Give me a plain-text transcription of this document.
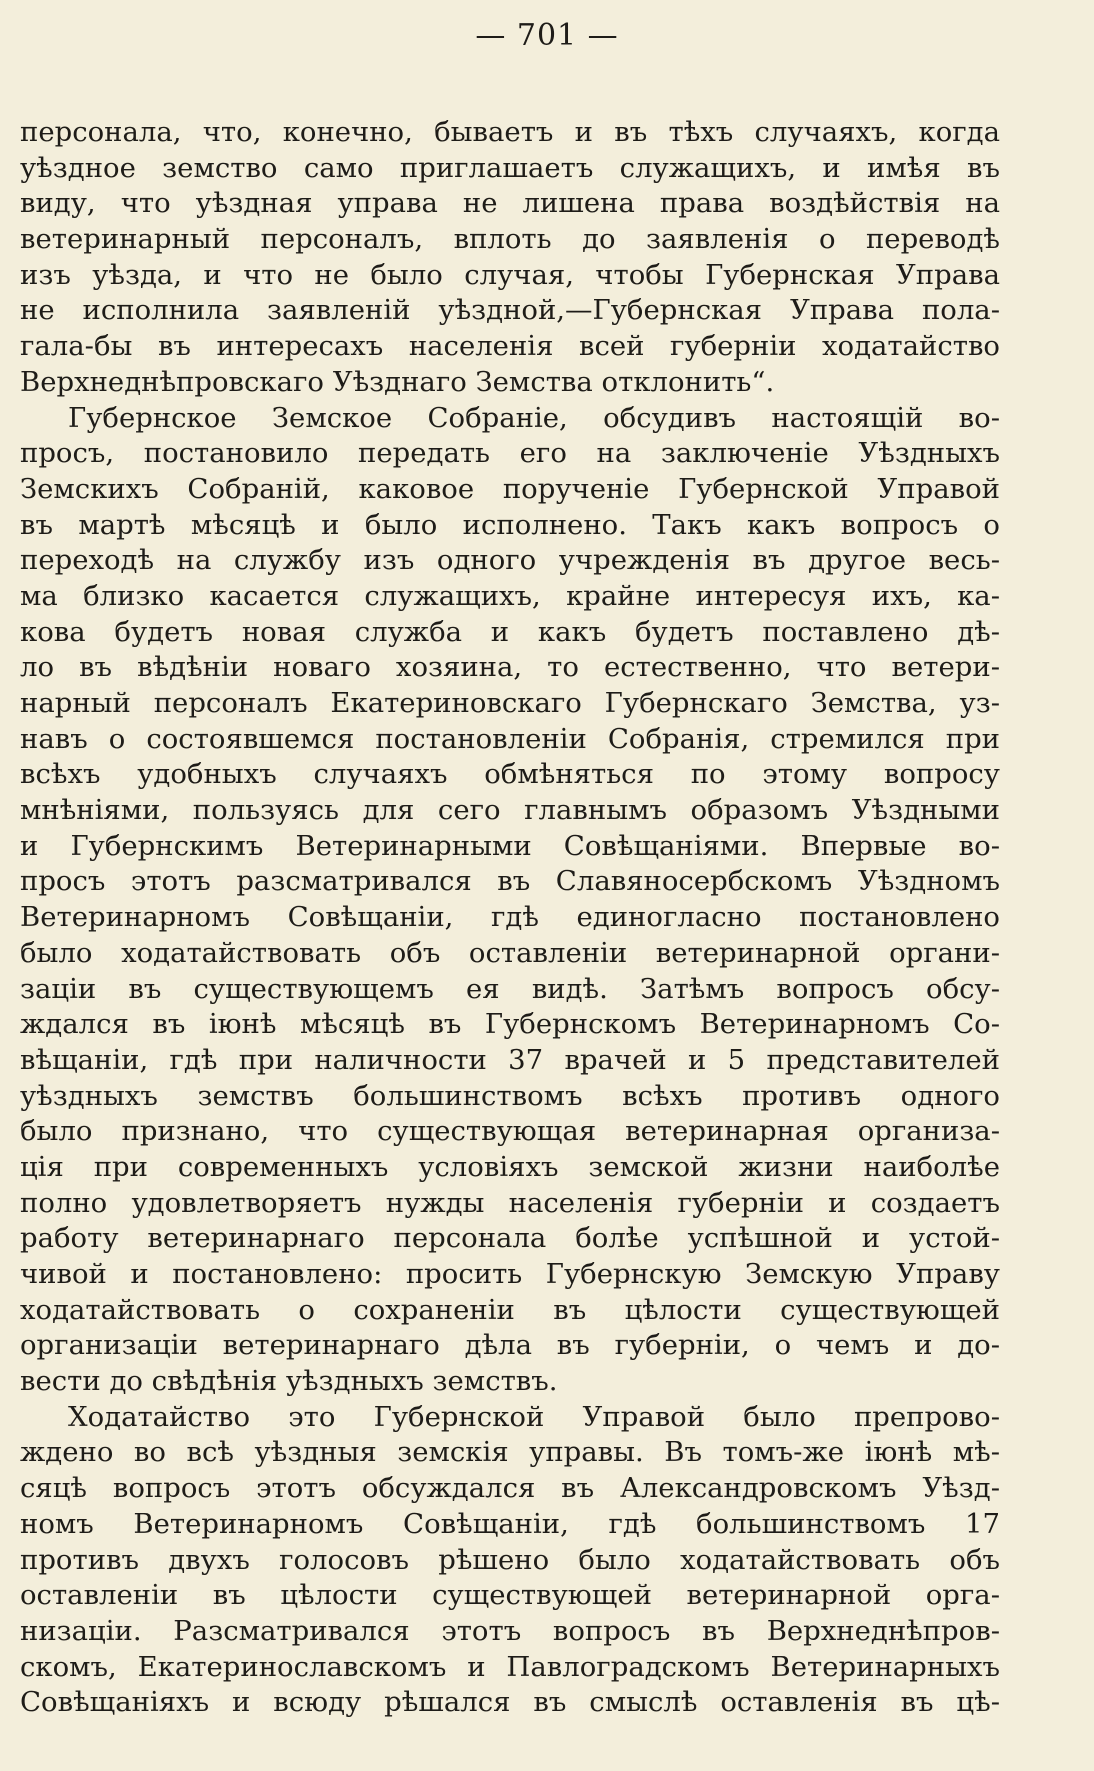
— 701 —
персонала, что, конечно, бываетъ и въ тѣхъ случаяхъ, когда
уѣздное земство само приглашаетъ служащихъ, и имѣя въ
виду, что уѣздная управа не лишена права воздѣйствія на
ветеринарный персоналъ, вплоть до заявленія о переводѣ
изъ уѣзда, и что не было случая, чтобы Губернская Управа
не исполнила заявленій уѣздной,—Губернская Управа пола-
гала-бы въ интересахъ населенія всей губерніи ходатайство
Верхнеднѣпровскаго Уѣзднаго Земства отклонить“.
Губернское Земское Собраніе, обсудивъ настоящій во-
просъ, постановило передать его на заключеніе Уѣздныхъ
Земскихъ Собраній, каковое порученіе Губернской Управой
въ мартѣ мѣсяцѣ и было исполнено. Такъ какъ вопросъ о
переходѣ на службу изъ одного учрежденія въ другое весь-
ма близко касается служащихъ, крайне интересуя ихъ, ка-
кова будетъ новая служба и какъ будетъ поставлено дѣ-
ло въ вѣдѣніи новаго хозяина, то естественно, что ветери-
нарный персоналъ Екатериновскаго Губернскаго Земства, уз-
навъ о состоявшемся постановленіи Собранія, стремился при
всѣхъ удобныхъ случаяхъ обмѣняться по этому вопросу
мнѣніями, пользуясь для сего главнымъ образомъ Уѣздными
и Губернскимъ Ветеринарными Совѣщаніями. Впервые во-
просъ этотъ разсматривался въ Славяносербскомъ Уѣздномъ
Ветеринарномъ Совѣщаніи, гдѣ единогласно постановлено
было ходатайствовать объ оставленіи ветеринарной органи-
заціи въ существующемъ ея видѣ. Затѣмъ вопросъ обсу-
ждался въ іюнѣ мѣсяцѣ въ Губернскомъ Ветеринарномъ Со-
вѣщаніи, гдѣ при наличности 37 врачей и 5 представителей
уѣздныхъ земствъ большинствомъ всѣхъ противъ одного
было признано, что существующая ветеринарная организа-
ція при современныхъ условіяхъ земской жизни наиболѣе
полно удовлетворяетъ нужды населенія губерніи и создаетъ
работу ветеринарнаго персонала болѣе успѣшной и устой-
чивой и постановлено: просить Губернскую Земскую Управу
ходатайствовать о сохраненіи въ цѣлости существующей
организаціи ветеринарнаго дѣла въ губерніи, о чемъ и до-
вести до свѣдѣнія уѣздныхъ земствъ.
Ходатайство это Губернской Управой было препрово-
ждено во всѣ уѣздныя земскія управы. Въ томъ-же іюнѣ мѣ-
сяцѣ вопросъ этотъ обсуждался въ Александровскомъ Уѣзд-
номъ Ветеринарномъ Совѣщаніи, гдѣ большинствомъ 17
противъ двухъ голосовъ рѣшено было ходатайствовать объ
оставленіи въ цѣлости существующей ветеринарной орга-
низаціи. Разсматривался этотъ вопросъ въ Верхнеднѣпров-
скомъ, Екатеринославскомъ и Павлоградскомъ Ветеринарныхъ
Совѣщаніяхъ и всюду рѣшался въ смыслѣ оставленія въ цѣ-
